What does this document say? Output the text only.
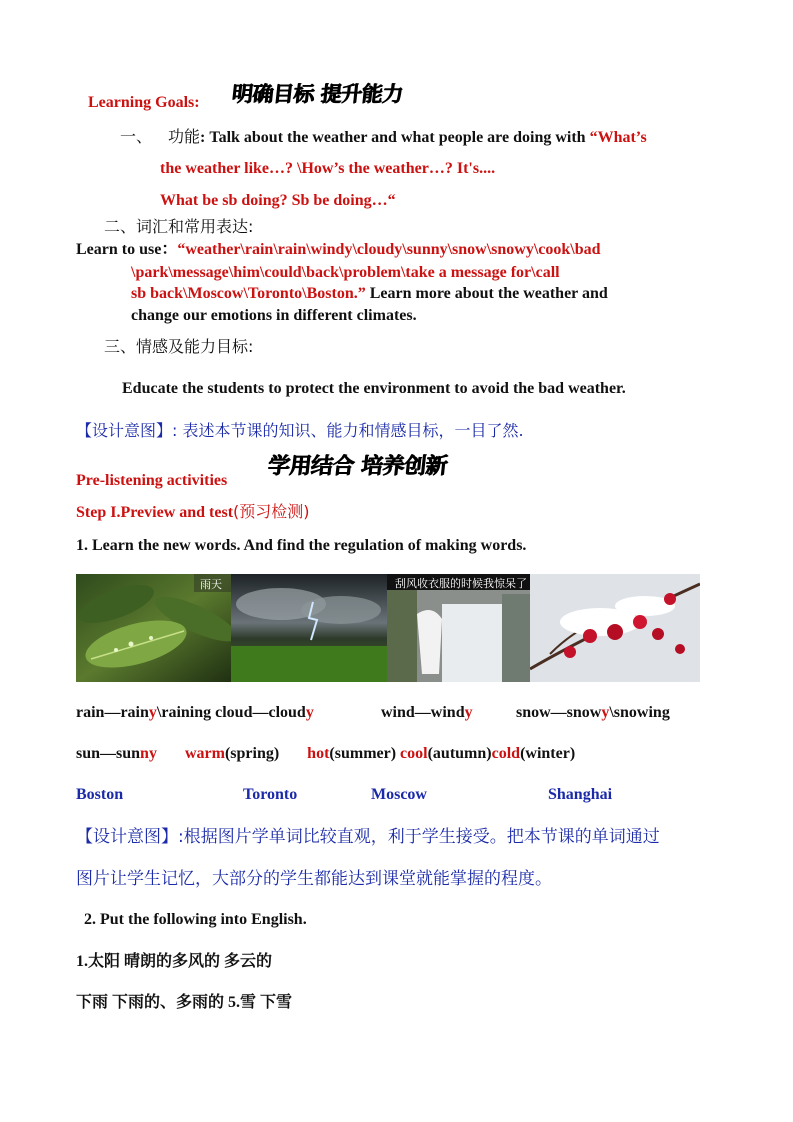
Learning Goals: 明确目标 提升能力
一、 功能: Talk about the weather and what people are doing with “What’s
the weather like…? \How’s the weather…? It's....
What be sb doing? Sb be doing…“
二、词汇和常用表达:
Learn to use：“weather\rain\rain\windy\cloudy\sunny\snow\snowy\cook\bad
\park\message\him\could\back\problem\take a message for\call
sb back\Moscow\Toronto\Boston.” Learn more about the weather and
change our emotions in different climates.
三、情感及能力目标:
Educate the students to protect the environment to avoid the bad weather.
【设计意图】: 表述本节课的知识、能力和情感目标，一目了然.
Pre-listening activities
学用结合 培养创新
Step I.Preview and test(预习检测)
1. Learn the new words. And find the regulation of making words.
雨天	刮风收衣服的时候我惊呆了
rain—rainy\raining cloud—cloudy	wind—windy	snow—snowy\snowing
sun—sunny warm(spring) hot(summer) cool(autumn)cold(winter)
Boston	Toronto	Moscow	Shanghai
【设计意图】:根据图片学单词比较直观，利于学生接受。把本节课的单词通过
图片让学生记忆，大部分的学生都能达到课堂就能掌握的程度。
2. Put the following into English.
1.太阳 晴朗的多风的 多云的
下雨 下雨的、多雨的 5.雪 下雪
